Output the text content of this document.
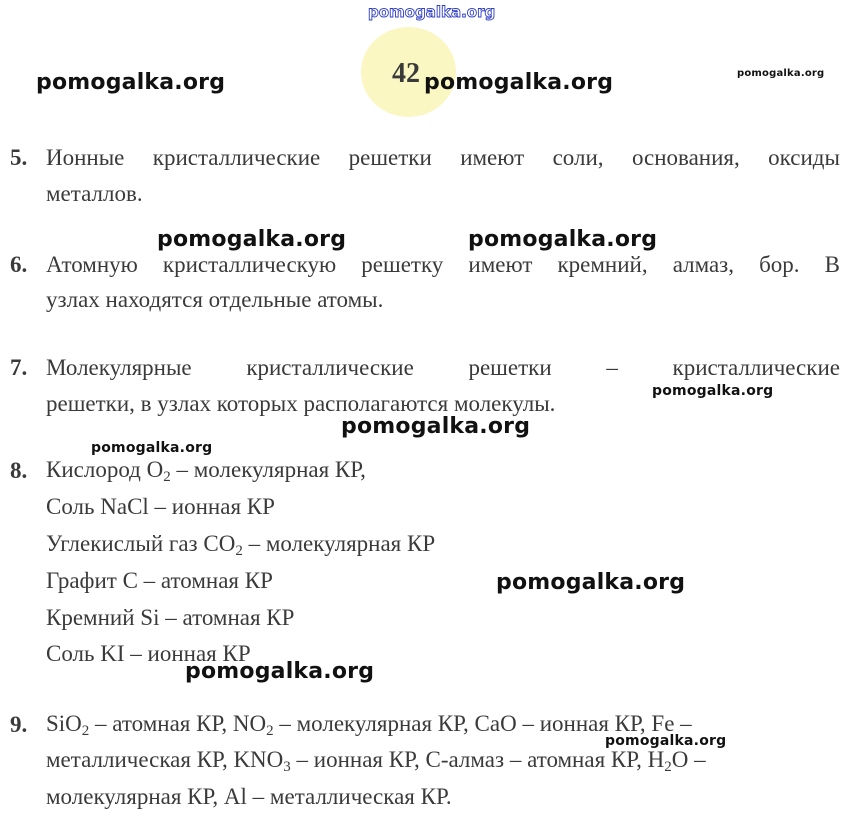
pomogalka.org
42
pomogalka.org	pomogalka.org	pomogalka.org
5. Ионные кристаллические решетки имеют соли, основания, оксиды
металлов.
pomogalka.org	pomogalka.org
6. Атомную кристаллическую решетку имеют кремний, алмаз, бор. В
узлах находятся отдельные атомы.
7. Молекулярные кристаллические решетки – кристаллические
решетки, в узлах которых располагаются молекулы.	pomogalka.org
pomogalka.org
pomogalka.org
8. Кислород $O_2$ – молекулярная КР,
Соль NaCl – ионная КР
Углекислый газ $CO_2$ – молекулярная КР
Графит C – атомная КР	pomogalka.org
Кремний Si – атомная КР
Соль KI – ионная КР
pomogalka.org
9. SiO$_2$ – атомная КР, $NO_2$ – молекулярная КР, CaO – ионная КР, Fe –
pomogalka.org
металлическая КР, $KNO_3$ – ионная КР, C-алмаз – атомная КР, $H_2O$ –
молекулярная КР, Al – металлическая КР.
